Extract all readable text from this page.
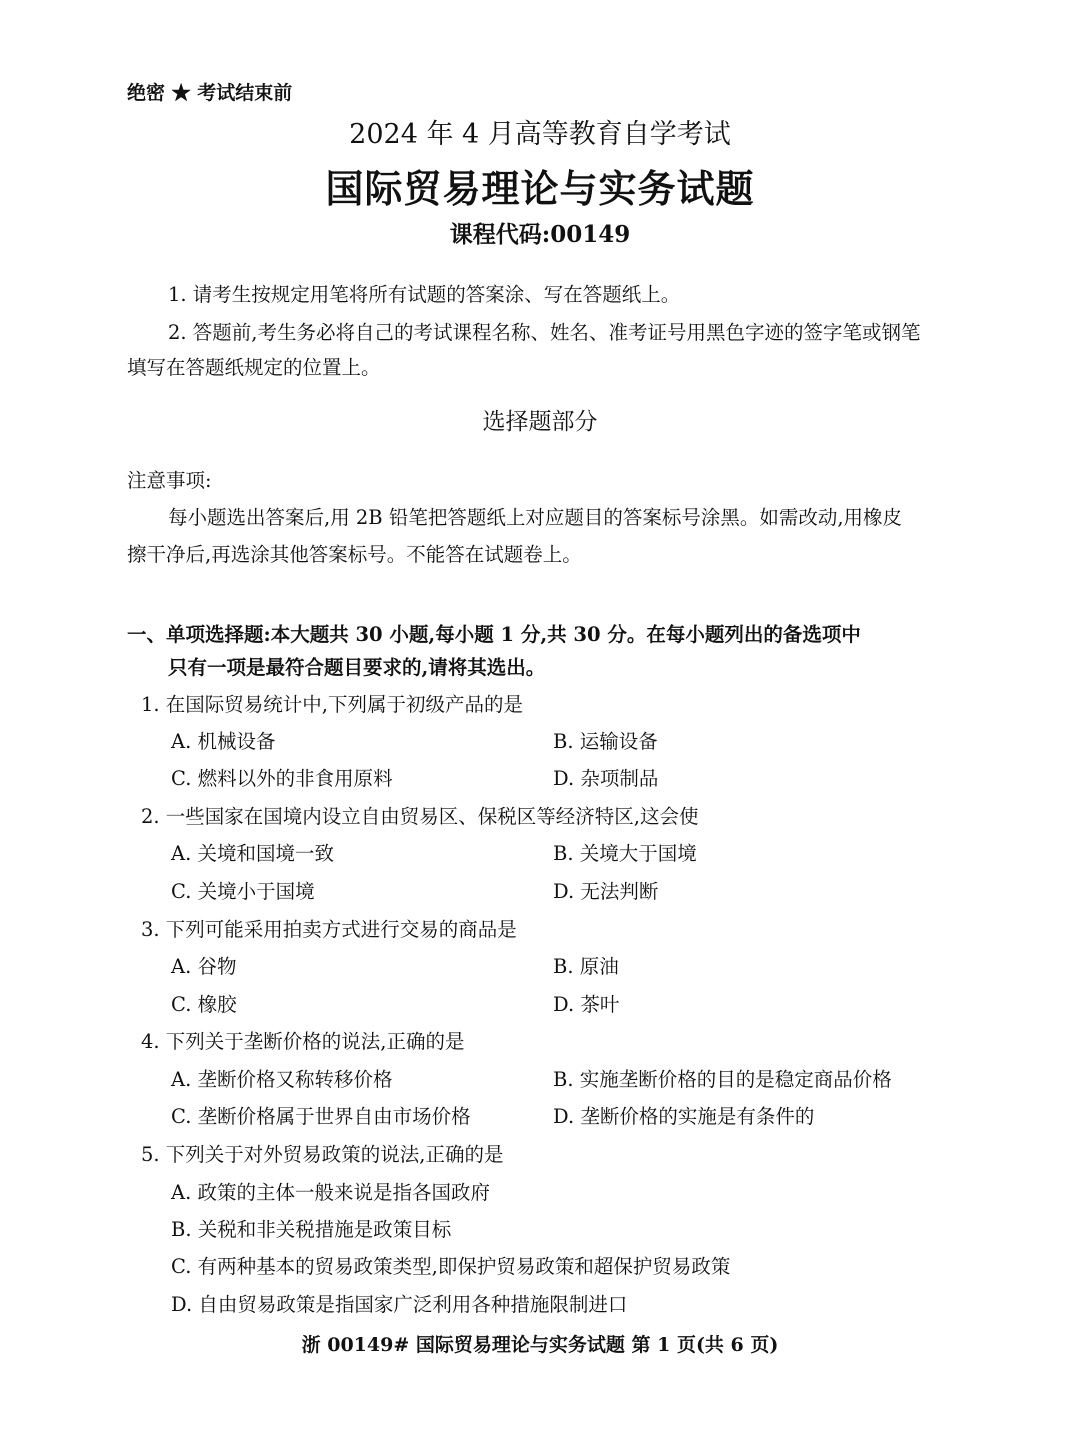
绝密 ★ 考试结束前
2024 年 4 月高等教育自学考试
国际贸易理论与实务试题
课程代码:00149
1. 请考生按规定用笔将所有试题的答案涂、写在答题纸上。
2. 答题前,考生务必将自己的考试课程名称、姓名、准考证号用黑色字迹的签字笔或钢笔
填写在答题纸规定的位置上。
选择题部分
注意事项:
每小题选出答案后,用 2B 铅笔把答题纸上对应题目的答案标号涂黑。如需改动,用橡皮
擦干净后,再选涂其他答案标号。不能答在试题卷上。
一、单项选择题:本大题共 30 小题,每小题 1 分,共 30 分。在每小题列出的备选项中
只有一项是最符合题目要求的,请将其选出。
1. 在国际贸易统计中,下列属于初级产品的是
A. 机械设备	B. 运输设备
C. 燃料以外的非食用原料	D. 杂项制品
2. 一些国家在国境内设立自由贸易区、保税区等经济特区,这会使
A. 关境和国境一致	B. 关境大于国境
C. 关境小于国境	D. 无法判断
3. 下列可能采用拍卖方式进行交易的商品是
A. 谷物	B. 原油
C. 橡胶	D. 茶叶
4. 下列关于垄断价格的说法,正确的是
A. 垄断价格又称转移价格	B. 实施垄断价格的目的是稳定商品价格
C. 垄断价格属于世界自由市场价格	D. 垄断价格的实施是有条件的
5. 下列关于对外贸易政策的说法,正确的是
A. 政策的主体一般来说是指各国政府
B. 关税和非关税措施是政策目标
C. 有两种基本的贸易政策类型,即保护贸易政策和超保护贸易政策
D. 自由贸易政策是指国家广泛利用各种措施限制进口
浙 00149# 国际贸易理论与实务试题 第 1 页(共 6 页)
